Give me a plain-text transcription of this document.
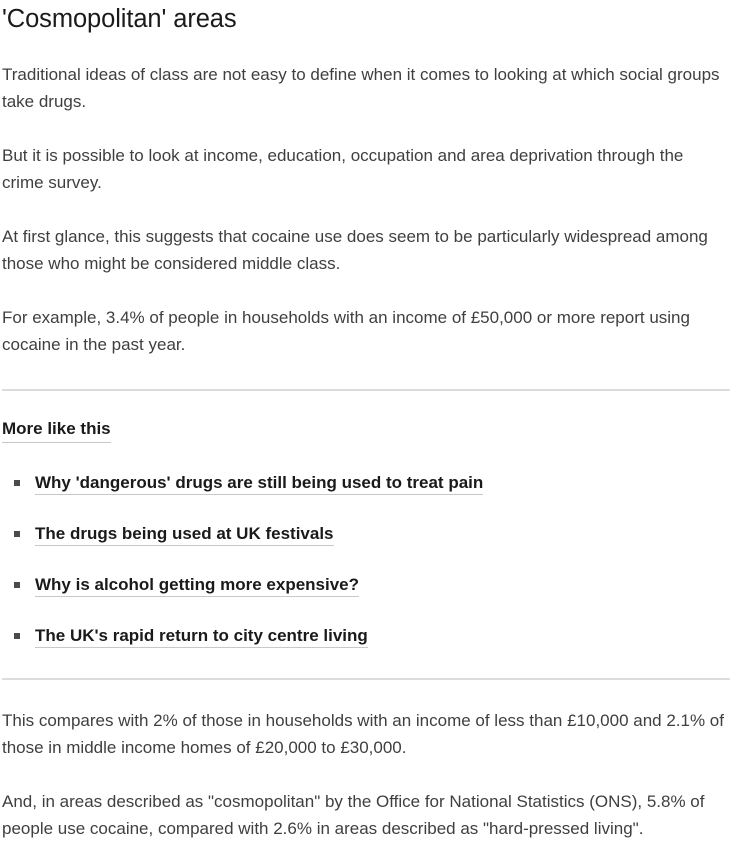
'Cosmopolitan' areas

Traditional ideas of class are not easy to define when it comes to looking at which social groups take drugs.

But it is possible to look at income, education, occupation and area deprivation through the crime survey.

At first glance, this suggests that cocaine use does seem to be particularly widespread among those who might be considered middle class.

For example, 3.4% of people in households with an income of £50,000 or more report using cocaine in the past year.

More like this
Why 'dangerous' drugs are still being used to treat pain
The drugs being used at UK festivals
Why is alcohol getting more expensive?
The UK's rapid return to city centre living

This compares with 2% of those in households with an income of less than £10,000 and 2.1% of those in middle income homes of £20,000 to £30,000.

And, in areas described as "cosmopolitan" by the Office for National Statistics (ONS), 5.8% of people use cocaine, compared with 2.6% in areas described as "hard-pressed living".
